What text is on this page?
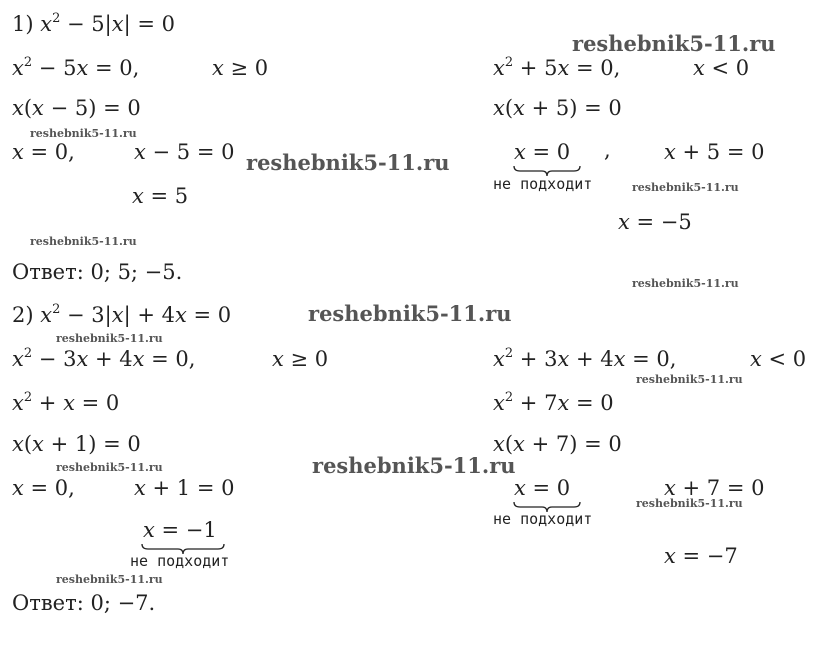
1) $x^2 - 5|x| = 0$
$x^2 - 5x = 0$,	x ≥ 0
x(x − 5) = 0
x = 0,	x − 5 = 0
x = 5
$x^2 + 5x = 0$,	x < 0
x(x + 5) = 0
x = 0 ,	x + 5 = 0
не подходит
x = −5
Ответ: 0; 5; −5.
2) $x^2 - 3|x| + 4x = 0$
$x^2 - 3x + 4x = 0$,	x ≥ 0
$x^2 + x = 0$
x(x + 1) = 0
x = 0,	x + 1 = 0
x = −1
не подходит
$x^2 + 3x + 4x = 0$,	x < 0
$x^2 + 7x = 0$
x(x + 7) = 0
x = 0	x + 7 = 0
не подходит
x = −7
Ответ: 0; −7.
reshebnik5-11.ru
reshebnik5-11.ru
reshebnik5-11.ru
reshebnik5-11.ru
reshebnik5-11.ru
reshebnik5-11.ru
reshebnik5-11.ru
reshebnik5-11.ru
reshebnik5-11.ru
reshebnik5-11.ru
reshebnik5-11.ru
reshebnik5-11.ru
reshebnik5-11.ru
